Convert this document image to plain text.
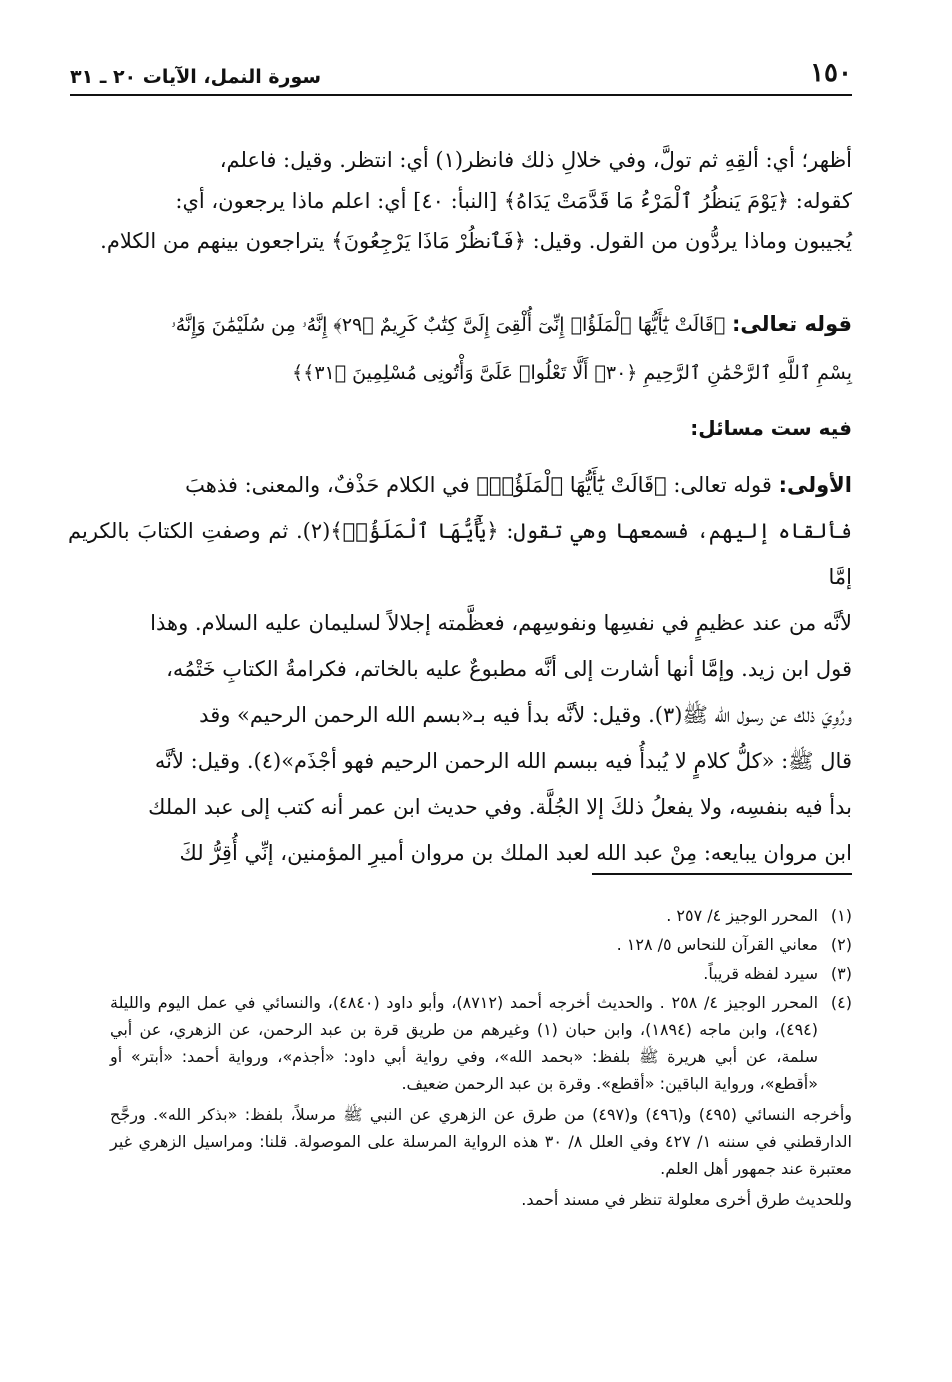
١٥٠
سورة النمل، الآيات ٢٠ ـ ٣١

أظهر؛ أي: ألقِهِ ثم تولَّ، وفي خلالِ ذلك فانظر(١) أي: انتظر. وقيل: فاعلم،

كقوله: ﴿يَوْمَ يَنظُرُ ٱلْمَرْءُ مَا قَدَّمَتْ يَدَاهُ﴾ [النبأ: ٤٠] أي: اعلم ماذا يرجعون، أي:

يُجيبون وماذا يردُّون من القول. وقيل: ﴿فَٱنظُرْ مَاذَا يَرْجِعُونَ﴾ يتراجعون بينهم من الكلام.

قوله تعالى: ﴿قَالَتْ يَٰٓأَيُّهَا ٱلْمَلَؤُا۟ إِنِّىٓ أُلْقِىَ إِلَىَّ كِتَٰبٌ كَرِيمٌ ﴿٢٩﴾ إِنَّهُۥ مِن سُلَيْمَٰنَ وَإِنَّهُۥ

بِسْمِ ٱللَّهِ ٱلرَّحْمَٰنِ ٱلرَّحِيمِ ﴿٣٠﴾ أَلَّا تَعْلُوا۟ عَلَىَّ وَأْتُونِى مُسْلِمِينَ ﴿٣١﴾﴾

فيه ست مسائل:

الأولى: قوله تعالى: ﴿قَالَتْ يَٰٓأَيُّهَا ٱلْمَلَؤُا۟﴾ في الكلام حَذْفٌ، والمعنى: فذهبَ

فألقاه إليهم، فسمعها وهي تقول: ﴿يَٰٓأَيُّهَا ٱلْمَلَؤُا۟﴾(٢). ثم وصفتِ الكتابَ بالكريم إمَّا

لأنَّه من عند عظيمٍ في نفسِها ونفوسِهم، فعظَّمته إجلالاً لسليمان عليه السلام. وهذا

قول ابن زيد. وإمَّا أنها أشارت إلى أنَّه مطبوعٌ عليه بالخاتم، فكرامةُ الكتابِ خَتْمُه،

ورُوِيَ ذلك عن رسول الله ﷺ(٣). وقيل: لأنَّه بدأ فيه بـ«بسم الله الرحمن الرحيم» وقد

قال ﷺ: «كلُّ كلامٍ لا يُبدأُ فيه ببسم الله الرحمن الرحيم فهو أجْذَم»(٤). وقيل: لأنَّه

بدأ فيه بنفسِه، ولا يفعلُ ذلكَ إلا الجُلَّة. وفي حديث ابن عمر أنه كتب إلى عبد الملك

ابن مروان يبايعه: مِنْ عبد الله لعبد الملك بن مروان أميرِ المؤمنين، إنِّي أُقِرُّ لكَ

(١)
المحرر الوجيز ٤/ ٢٥٧ .
(٢)
معاني القرآن للنحاس ٥/ ١٢٨ .
(٣)
سيرد لفظه قريباً.
(٤)
المحرر الوجيز ٤/ ٢٥٨ . والحديث أخرجه أحمد (٨٧١٢)، وأبو داود (٤٨٤٠)، والنسائي في عمل اليوم والليلة (٤٩٤)، وابن ماجه (١٨٩٤)، وابن حبان (١) وغيرهم من طريق قرة بن عبد الرحمن، عن الزهري، عن أبي سلمة، عن أبي هريرة ﷺ بلفظ: «بحمد الله»، وفي رواية أبي داود: «أجذم»، ورواية أحمد: «أبتر» أو «أقطع»، ورواية الباقين: «أقطع». وقرة بن عبد الرحمن ضعيف.
وأخرجه النسائي (٤٩٥) و(٤٩٦) و(٤٩٧) من طرق عن الزهري عن النبي ﷺ مرسلاً، بلفظ: «بذكر الله». ورجَّح الدارقطني في سننه ١/ ٤٢٧ وفي العلل ٨/ ٣٠ هذه الرواية المرسلة على الموصولة. قلنا: ومراسيل الزهري غير معتبرة عند جمهور أهل العلم.
وللحديث طرق أخرى معلولة تنظر في مسند أحمد.
